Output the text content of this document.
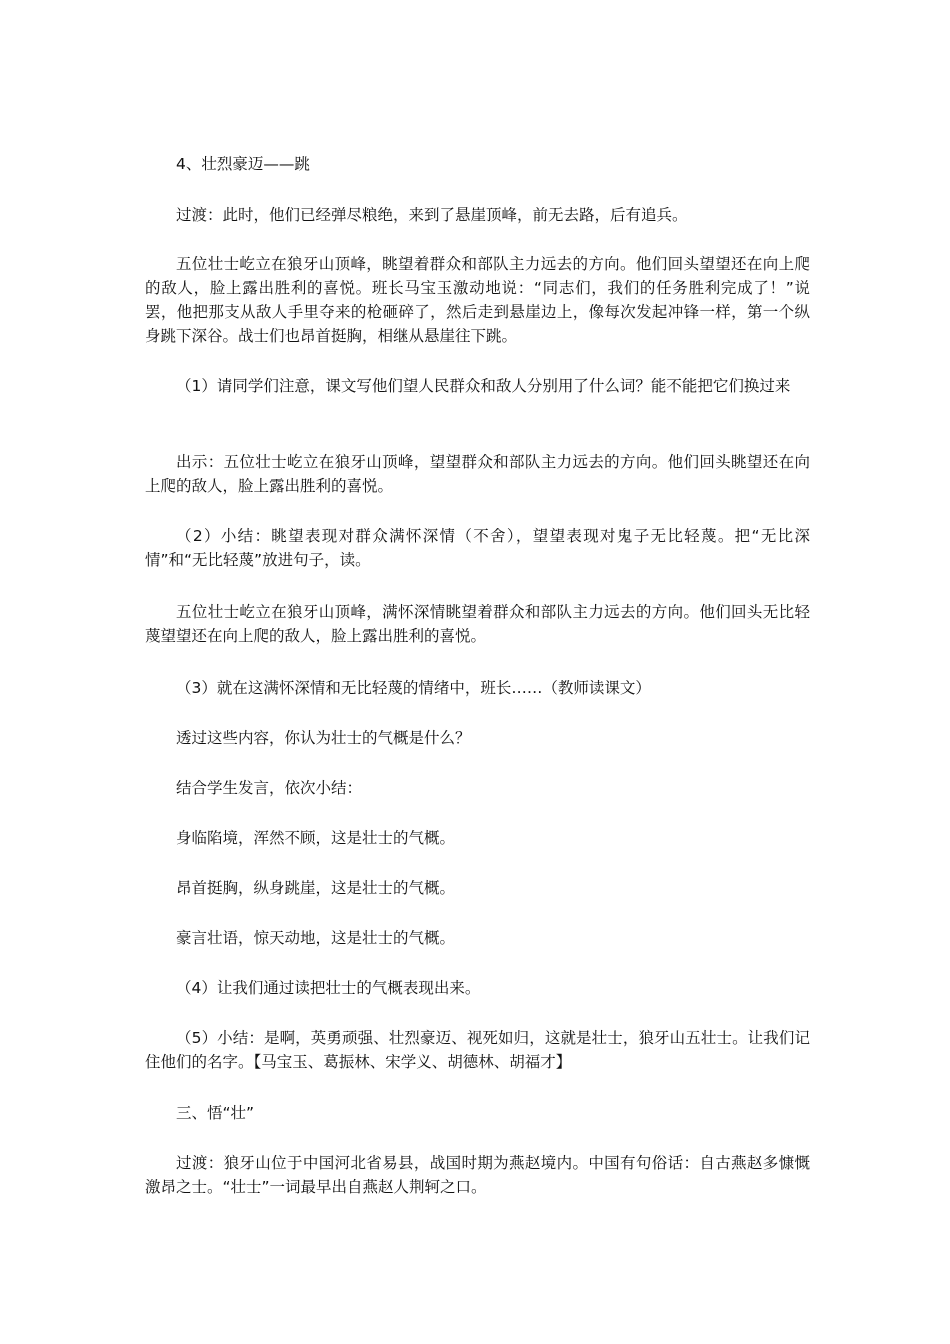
4、壮烈豪迈——跳

过渡：此时，他们已经弹尽粮绝，来到了悬崖顶峰，前无去路，后有追兵。

五位壮士屹立在狼牙山顶峰，眺望着群众和部队主力远去的方向。他们回头望望还在向上爬的敌人，脸上露出胜利的喜悦。班长马宝玉激动地说：“同志们，我们的任务胜利完成了！”说罢，他把那支从敌人手里夺来的枪砸碎了，然后走到悬崖边上，像每次发起冲锋一样，第一个纵身跳下深谷。战士们也昂首挺胸，相继从悬崖往下跳。

（1）请同学们注意，课文写他们望人民群众和敌人分别用了什么词？能不能把它们换过来

出示：五位壮士屹立在狼牙山顶峰，望望群众和部队主力远去的方向。他们回头眺望还在向上爬的敌人，脸上露出胜利的喜悦。

（2）小结：眺望表现对群众满怀深情（不舍），望望表现对鬼子无比轻蔑。把“无比深情”和“无比轻蔑”放进句子，读。

五位壮士屹立在狼牙山顶峰，满怀深情眺望着群众和部队主力远去的方向。他们回头无比轻蔑望望还在向上爬的敌人，脸上露出胜利的喜悦。

（3）就在这满怀深情和无比轻蔑的情绪中，班长……（教师读课文）

透过这些内容，你认为壮士的气概是什么？

结合学生发言，依次小结：

身临陷境，浑然不顾，这是壮士的气概。

昂首挺胸，纵身跳崖，这是壮士的气概。

豪言壮语，惊天动地，这是壮士的气概。

（4）让我们通过读把壮士的气概表现出来。

（5）小结：是啊，英勇顽强、壮烈豪迈、视死如归，这就是壮士，狼牙山五壮士。让我们记住他们的名字。【马宝玉、葛振林、宋学义、胡德林、胡福才】

三、悟“壮”

过渡：狼牙山位于中国河北省易县，战国时期为燕赵境内。中国有句俗话：自古燕赵多慷慨激昂之士。“壮士”一词最早出自燕赵人荆轲之口。
